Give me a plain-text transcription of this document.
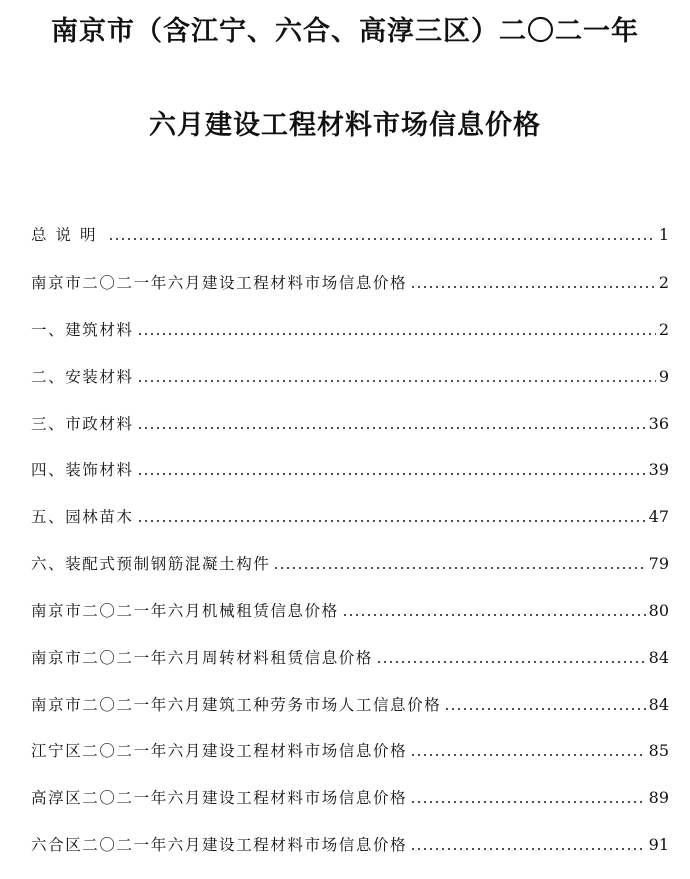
南京市（含江宁、六合、高淳三区）二〇二一年
六月建设工程材料市场信息价格
总说明	1
南京市二〇二一年六月建设工程材料市场信息价格	2
一、建筑材料	2
二、安装材料	9
三、市政材料	36
四、装饰材料	39
五、园林苗木	47
六、装配式预制钢筋混凝土构件	79
南京市二〇二一年六月机械租赁信息价格	80
南京市二〇二一年六月周转材料租赁信息价格	84
南京市二〇二一年六月建筑工种劳务市场人工信息价格	84
江宁区二〇二一年六月建设工程材料市场信息价格	85
高淳区二〇二一年六月建设工程材料市场信息价格	89
六合区二〇二一年六月建设工程材料市场信息价格	91
